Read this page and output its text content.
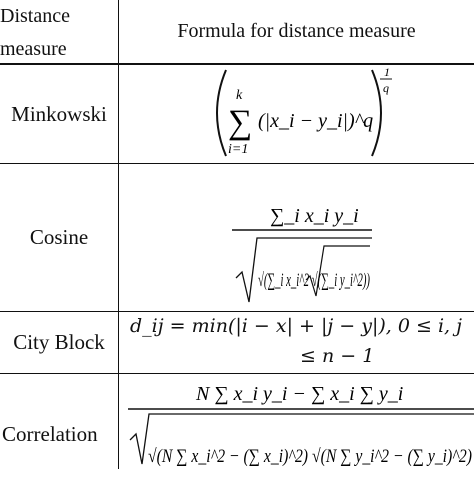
Distance
measure
Formula for distance measure
Minkowski
Cosine
City Block
Correlation
k
∑
i=1
(|x_i − y_i|)^q
1
q
∑_i x_i y_i
√(∑_i x_i^2 √(∑_i y_i^2))
d_ij = min(|i − x| + |j − y|), 0 ≤ i, j
≤ n − 1
N ∑ x_i y_i − ∑ x_i ∑ y_i
√(N ∑ x_i^2 − (∑ x_i)^2) √(N ∑ y_i^2 − (∑ y_i)^2)
